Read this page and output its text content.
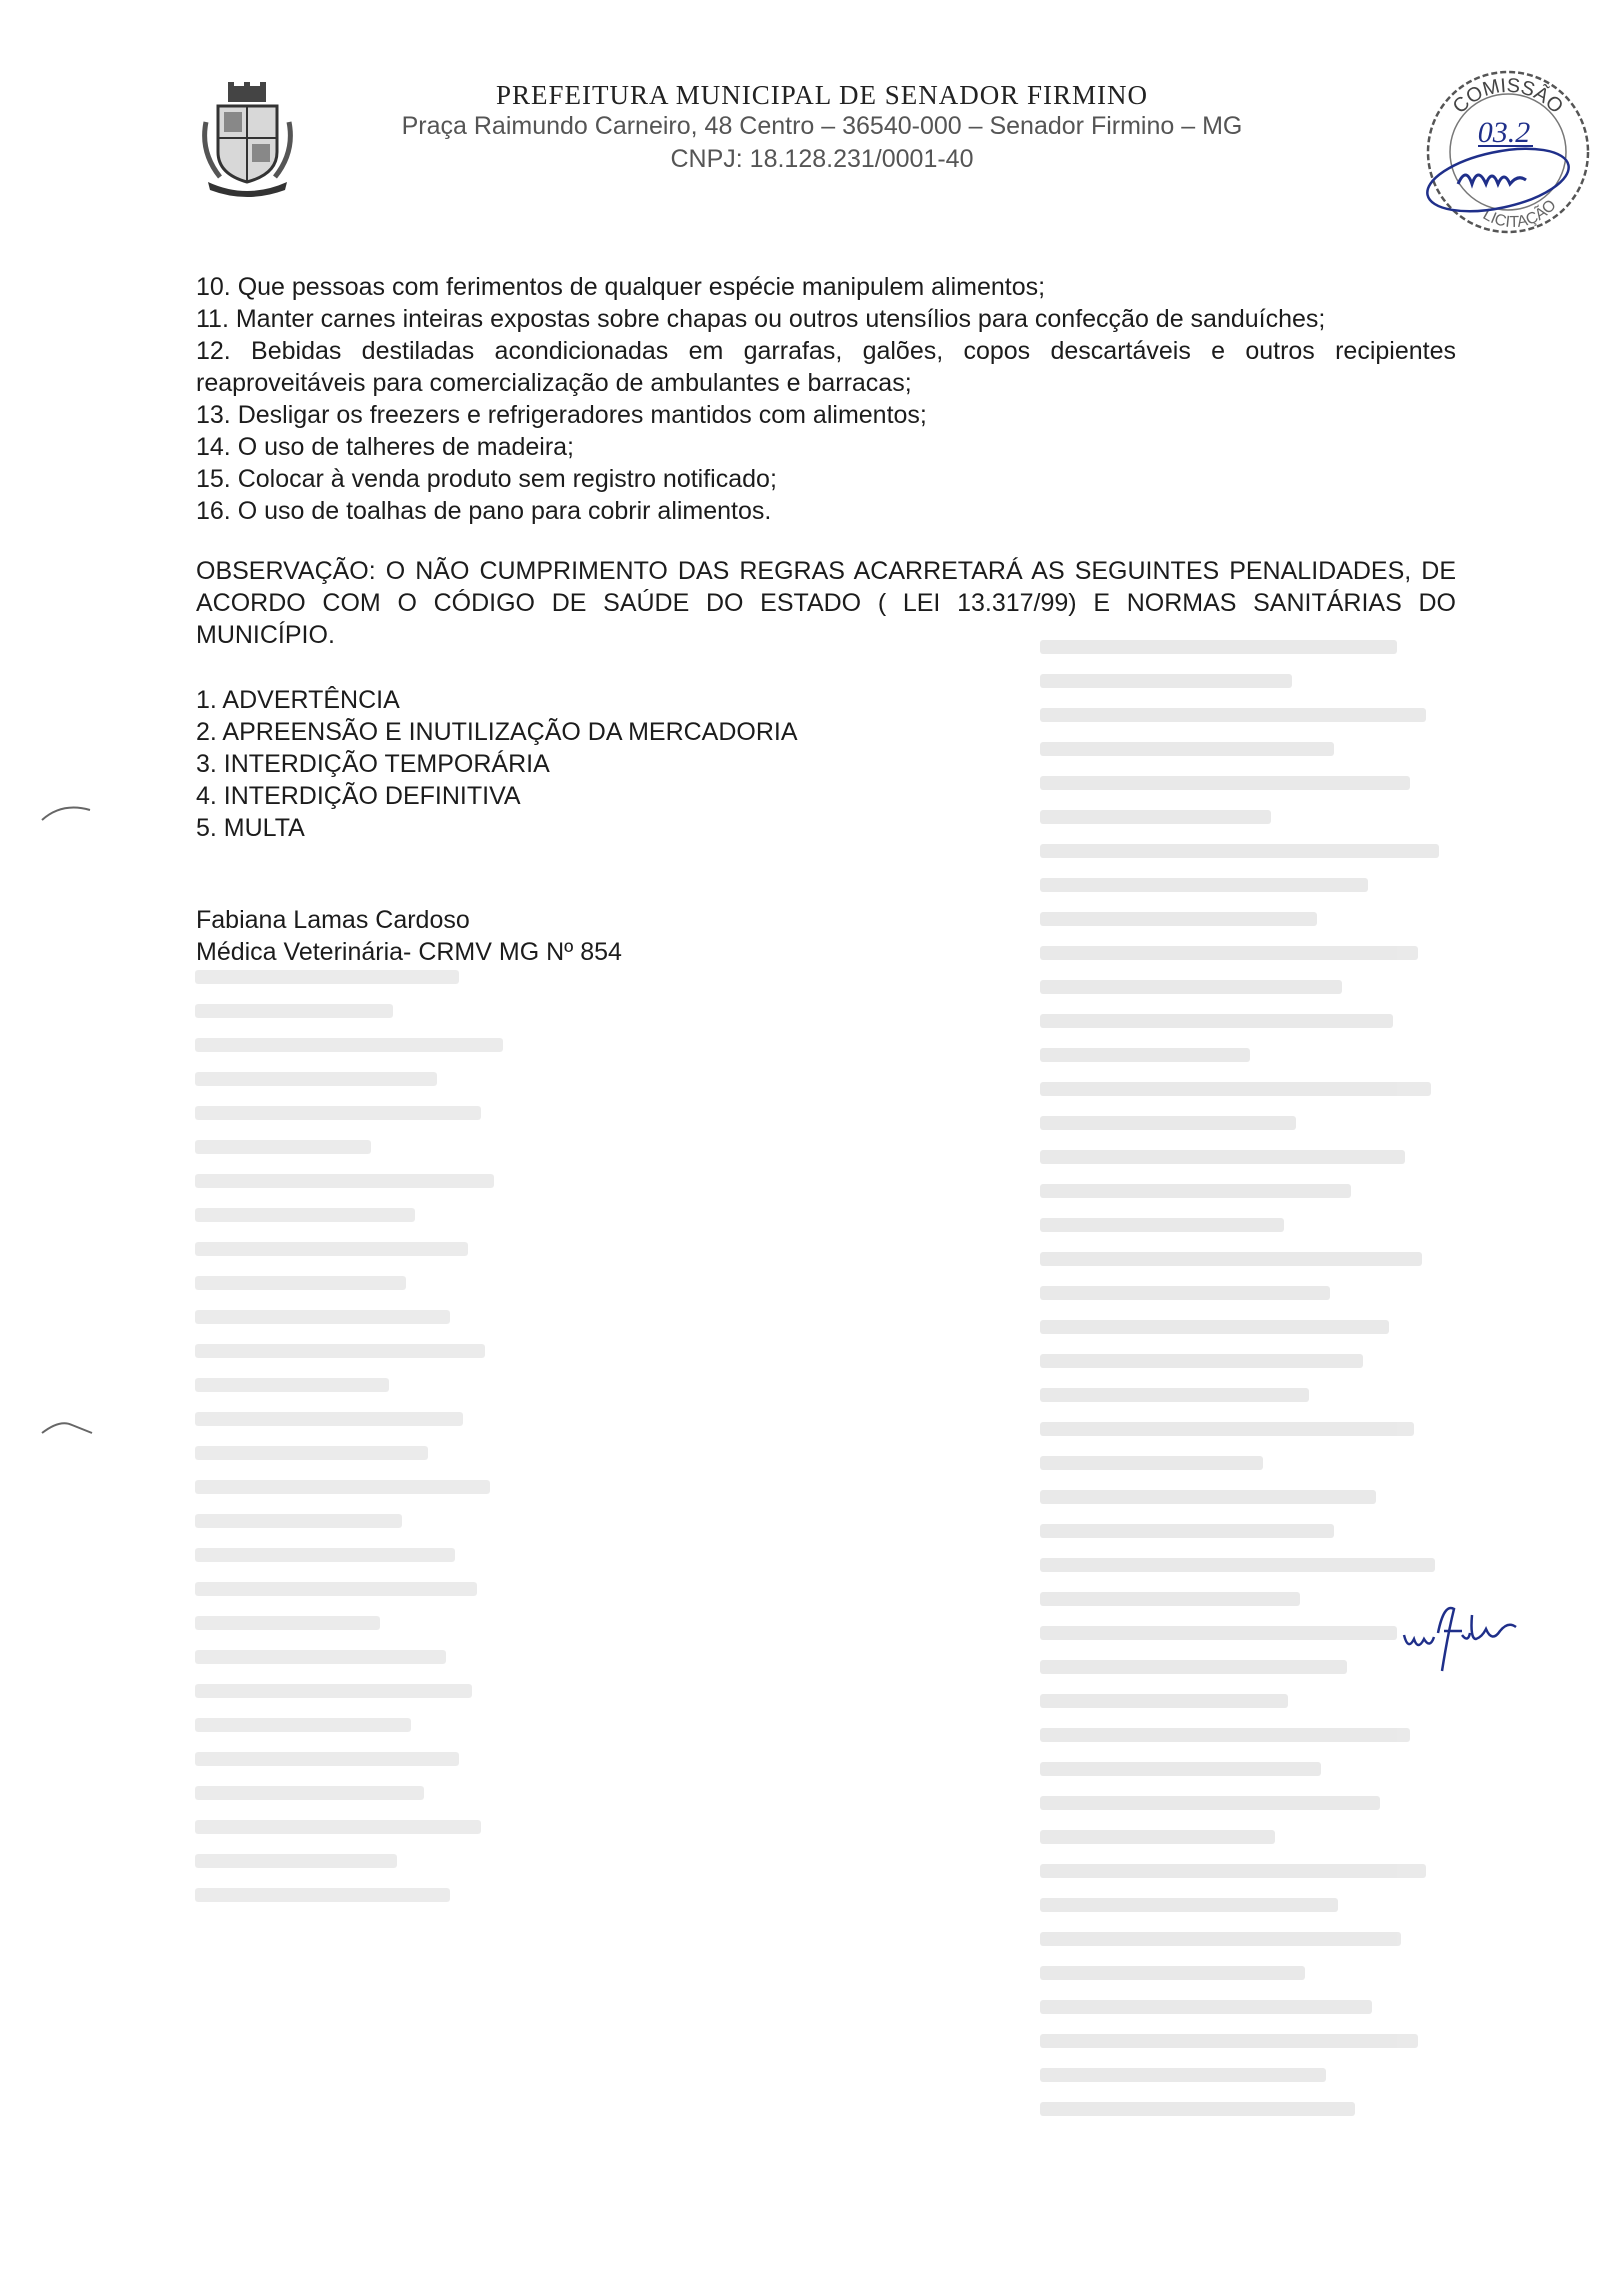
PREFEITURA MUNICIPAL DE SENADOR FIRMINO
Praça Raimundo Carneiro, 48 Centro – 36540-000 – Senador Firmino – MG
CNPJ: 18.128.231/0001-40
COMISSÃO
LICITAÇÃO
03.2
10. Que pessoas com ferimentos de qualquer espécie manipulem alimentos;
11. Manter carnes inteiras expostas sobre chapas ou outros utensílios para confecção de sanduíches;
12. Bebidas destiladas acondicionadas em garrafas, galões, copos descartáveis e outros recipientes reaproveitáveis para comercialização de ambulantes e barracas;
13. Desligar os freezers e refrigeradores mantidos com alimentos;
14. O uso de talheres de madeira;
15. Colocar à venda produto sem registro notificado;
16. O uso de toalhas de pano para cobrir alimentos.
OBSERVAÇÃO: O NÃO CUMPRIMENTO DAS REGRAS ACARRETARÁ AS SEGUINTES PENALIDADES, DE ACORDO COM O CÓDIGO DE SAÚDE DO ESTADO ( LEI 13.317/99) E NORMAS SANITÁRIAS DO MUNICÍPIO.
1. ADVERTÊNCIA
2. APREENSÃO E INUTILIZAÇÃO DA MERCADORIA
3. INTERDIÇÃO TEMPORÁRIA
4. INTERDIÇÃO DEFINITIVA
5. MULTA
Fabiana Lamas Cardoso
Médica Veterinária- CRMV MG Nº 854
